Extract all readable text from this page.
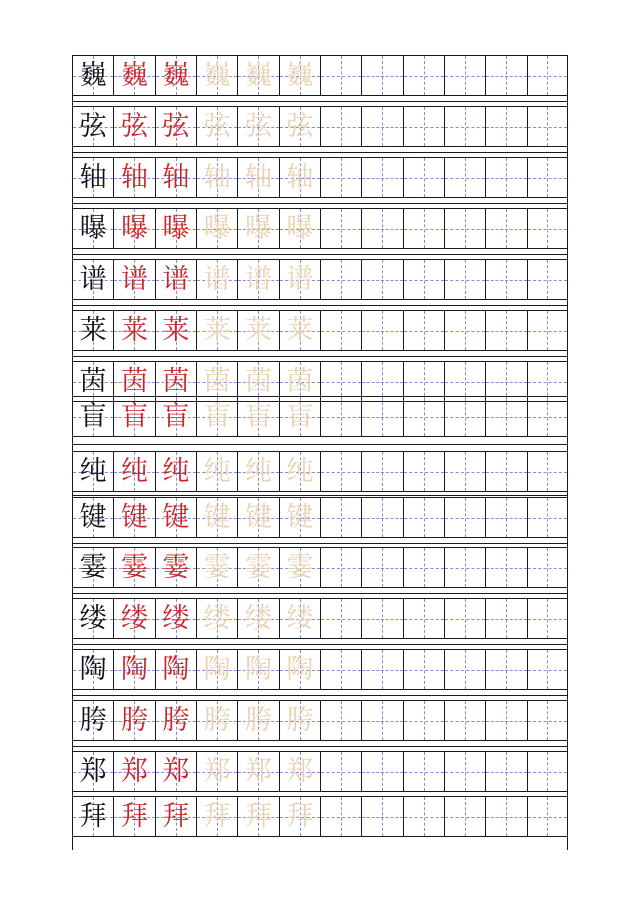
巍 巍 巍 巍 巍 巍
弦 弦 弦 弦 弦 弦
轴 轴 轴 轴 轴 轴
曝 曝 曝 曝 曝 曝
谱 谱 谱 谱 谱 谱
莱 莱 莱 莱 莱 莱
茵 茵 茵 茵 茵 茵
盲 盲 盲 盲 盲 盲
纯 纯 纯 纯 纯 纯
键 键 键 键 键 键
霎 霎 霎 霎 霎 霎
缕 缕 缕 缕 缕 缕
陶 陶 陶 陶 陶 陶
胯 胯 胯 胯 胯 胯
郑 郑 郑 郑 郑 郑
拜 拜 拜 拜 拜 拜
